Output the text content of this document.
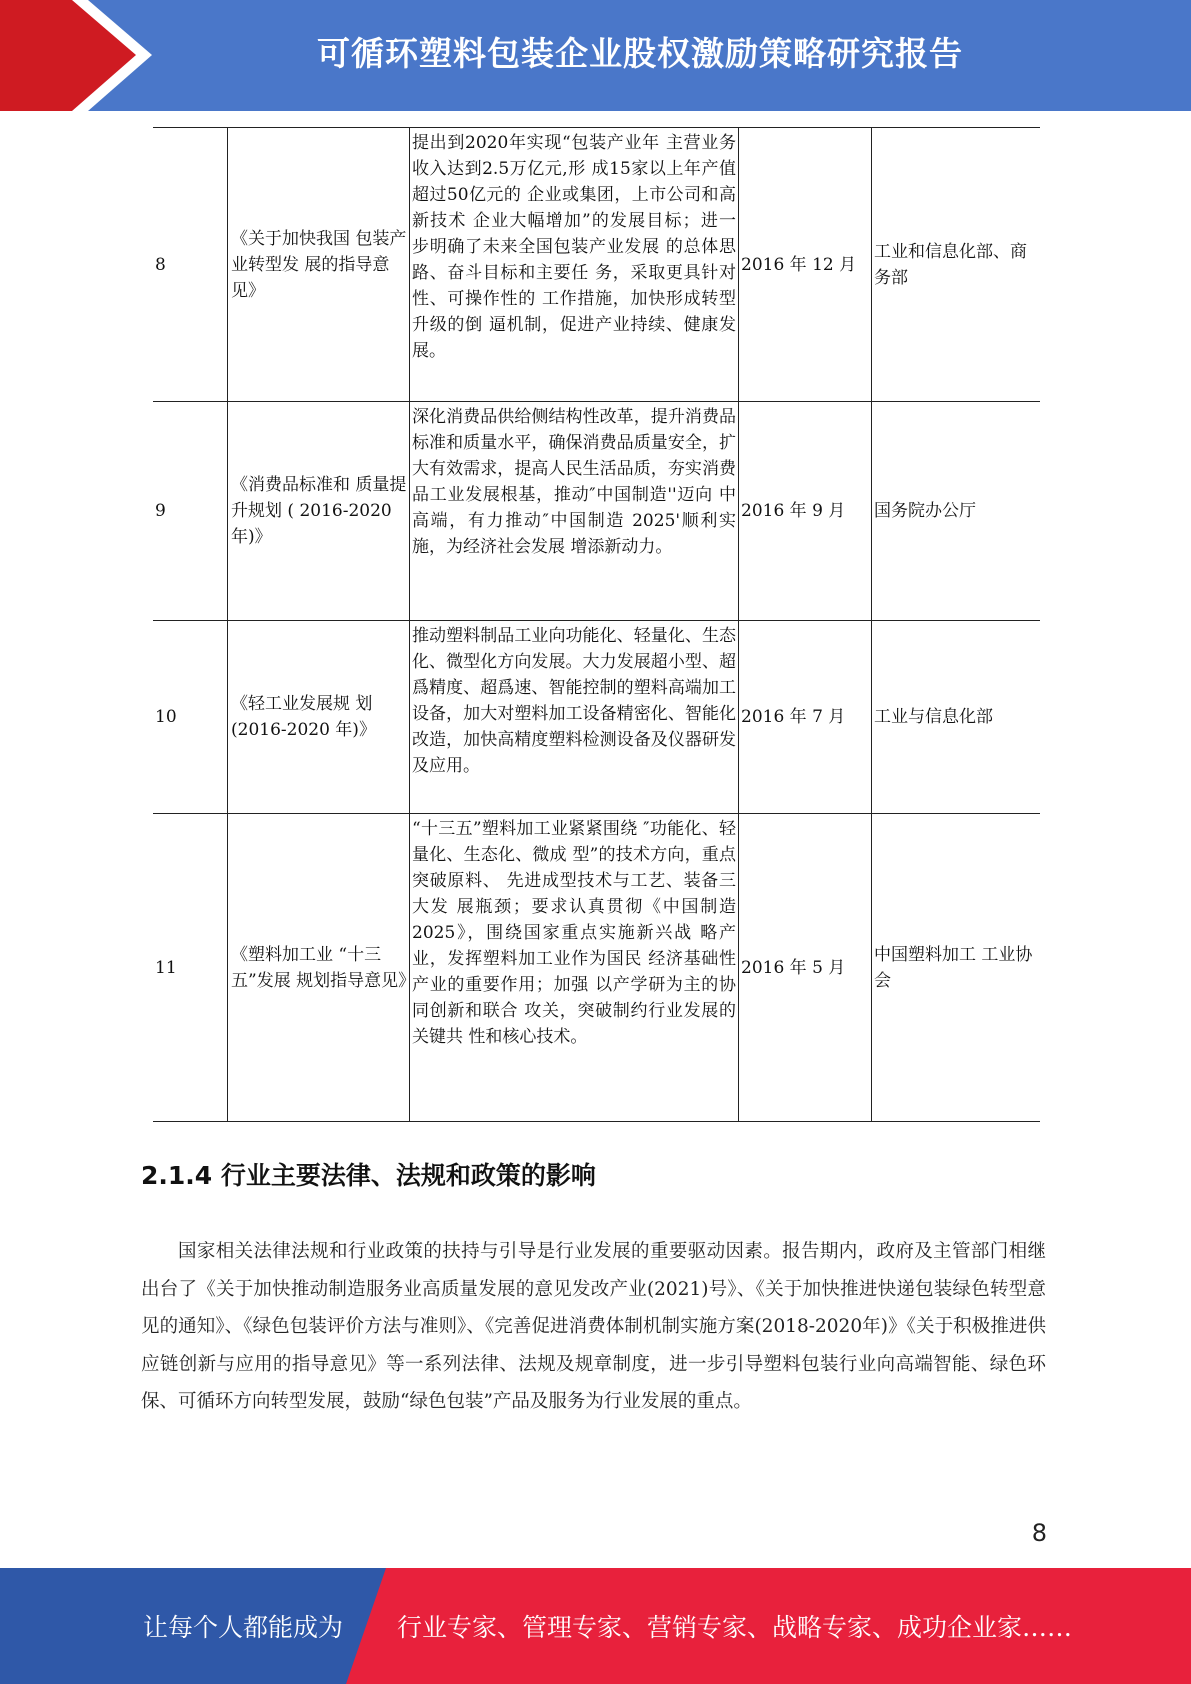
可循环塑料包装企业股权激励策略研究报告
8	《关于加快我国 包装产业转型发 展的指导意见》	提出到2020年实现“包装产业年 主营业务收入达到2.5万亿元,形 成15家以上年产值超过50亿元的 企业或集团，上市公司和高新技术 企业大幅增加”的发展目标；进一 步明确了未来全国包装产业发展 的总体思路、奋斗目标和主要任 务，采取更具针对性、可操作性的 工作措施，加快形成转型升级的倒 逼机制，促进产业持续、健康发展。	2016 年 12 月	工业和信息化部、商务部
9	《消费品标准和 质量提升规划 ( 2016-2020 年)》	深化消费品供给侧结构性改革，提升消费品标准和质量水平，确保消费品质量安全，扩大有效需求，提高人民生活品质，夯实消费品工业发展根基，推动″中国制造''迈向 中高端，有力推动″中国制造 2025'顺利实施，为经济社会发展 增添新动力。	2016 年 9 月	国务院办公厅
10	《轻工业发展规 划(2016-2020 年)》	推动塑料制品工业向功能化、轻量化、生态化、微型化方向发展。大力发展超小型、超爲精度、超爲速、智能控制的塑料高端加工设备，加大对塑料加工设备精密化、智能化改造，加快高精度塑料检测设备及仪器研发及应用。	2016 年 7 月	工业与信息化部
11	《塑料加工业 “十三五”发展 规划指导意见》	“十三五”塑料加工业紧紧围绕 ″功能化、轻量化、生态化、微成 型”的技术方向，重点突破原料、 先进成型技术与工艺、装备三大发 展瓶颈；要求认真贯彻《中国制造 2025》，围绕国家重点实施新兴战 略产业，发挥塑料加工业作为国民 经济基础性产业的重要作用；加强 以产学研为主的协同创新和联合 攻关，突破制约行业发展的关键共 性和核心技术。	2016 年 5 月	中国塑料加工 工业协会
2.1.4 行业主要法律、法规和政策的影响
国家相关法律法规和行业政策的扶持与引导是行业发展的重要驱动因素。报告期内，政府及主管部门相继出台了《关于加快推动制造服务业高质量发展的意见发改产业(2021)号》、《关于加快推进快递包装绿色转型意见的通知》、《绿色包装评价方法与准则》、《完善促进消费体制机制实施方案(2018-2020年)》《关于积极推进供应链创新与应用的指导意见》等一系列法律、法规及规章制度，进一步引导塑料包装行业向高端智能、绿色环保、可循环方向转型发展，鼓励“绿色包装”产品及服务为行业发展的重点。
8
让每个人都能成为 行业专家、管理专家、营销专家、战略专家、成功企业家……
